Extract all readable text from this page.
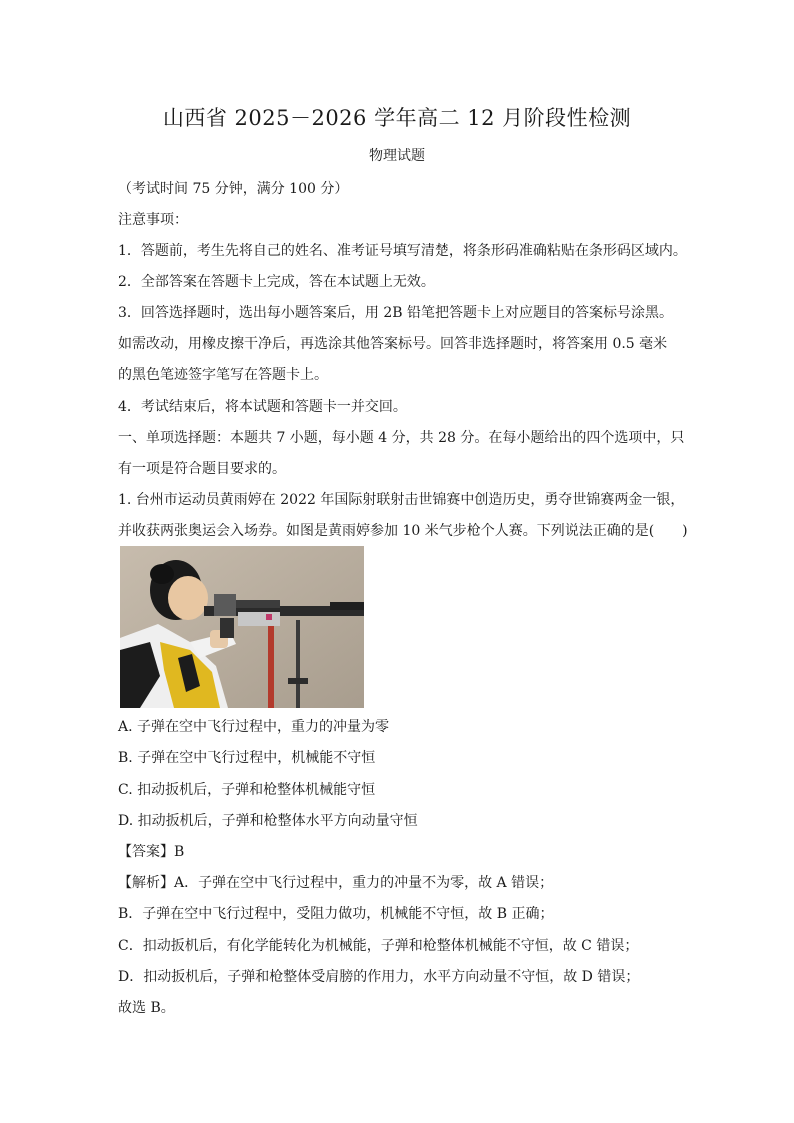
山西省 2025－2026 学年高二 12 月阶段性检测
物理试题
（考试时间 75 分钟，满分 100 分）
注意事项：
1．答题前，考生先将自己的姓名、准考证号填写清楚，将条形码准确粘贴在条形码区域内。
2．全部答案在答题卡上完成，答在本试题上无效。
3．回答选择题时，选出每小题答案后，用 2B 铅笔把答题卡上对应题目的答案标号涂黑。
如需改动，用橡皮擦干净后，再选涂其他答案标号。回答非选择题时，将答案用 0.5 毫米
的黑色笔迹签字笔写在答题卡上。
4．考试结束后，将本试题和答题卡一并交回。
一、单项选择题：本题共 7 小题，每小题 4 分，共 28 分。在每小题给出的四个选项中，只
有一项是符合题目要求的。
1. 台州市运动员黄雨婷在 2022 年国际射联射击世锦赛中创造历史，勇夺世锦赛两金一银，
并收获两张奥运会入场券。如图是黄雨婷参加 10 米气步枪个人赛。下列说法正确的是(　　)
A. 子弹在空中飞行过程中，重力的冲量为零
B. 子弹在空中飞行过程中，机械能不守恒
C. 扣动扳机后，子弹和枪整体机械能守恒
D. 扣动扳机后，子弹和枪整体水平方向动量守恒
【答案】B
【解析】A．子弹在空中飞行过程中，重力的冲量不为零，故 A 错误；
B．子弹在空中飞行过程中，受阻力做功，机械能不守恒，故 B 正确；
C．扣动扳机后，有化学能转化为机械能，子弹和枪整体机械能不守恒，故 C 错误；
D．扣动扳机后，子弹和枪整体受肩膀的作用力，水平方向动量不守恒，故 D 错误；
故选 B。
